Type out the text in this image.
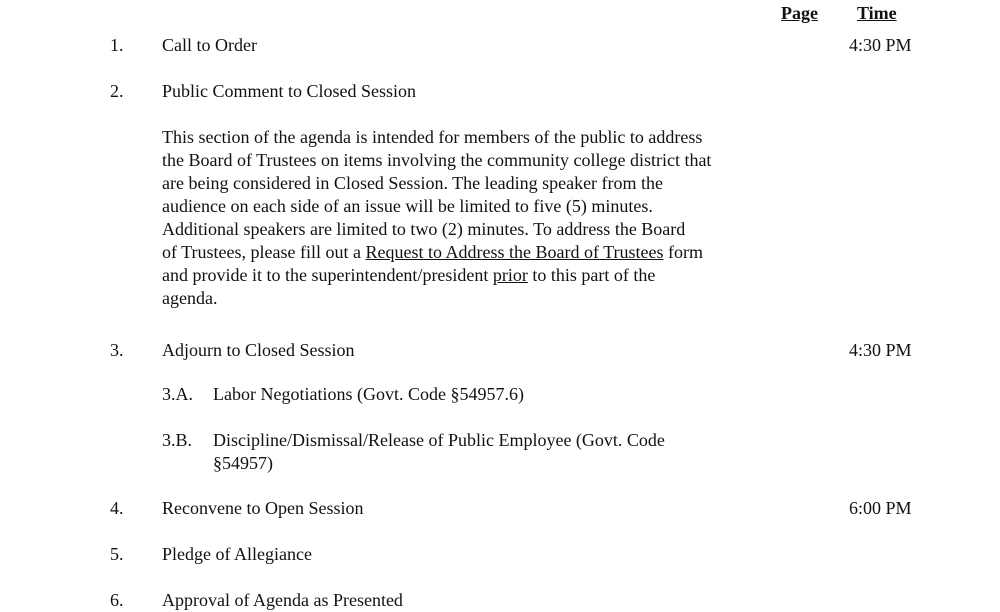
Page Time
1. Call to Order	4:30 PM
2. Public Comment to Closed Session
This section of the agenda is intended for members of the public to address
the Board of Trustees on items involving the community college district that
are being considered in Closed Session. The leading speaker from the
audience on each side of an issue will be limited to five (5) minutes.
Additional speakers are limited to two (2) minutes. To address the Board
of Trustees, please fill out a Request to Address the Board of Trustees form
and provide it to the superintendent/president prior to this part of the
agenda.
3. Adjourn to Closed Session	4:30 PM
3.A. Labor Negotiations (Govt. Code §54957.6)
3.B. Discipline/Dismissal/Release of Public Employee (Govt. Code
§54957)
4. Reconvene to Open Session	6:00 PM
5. Pledge of Allegiance
6. Approval of Agenda as Presented
